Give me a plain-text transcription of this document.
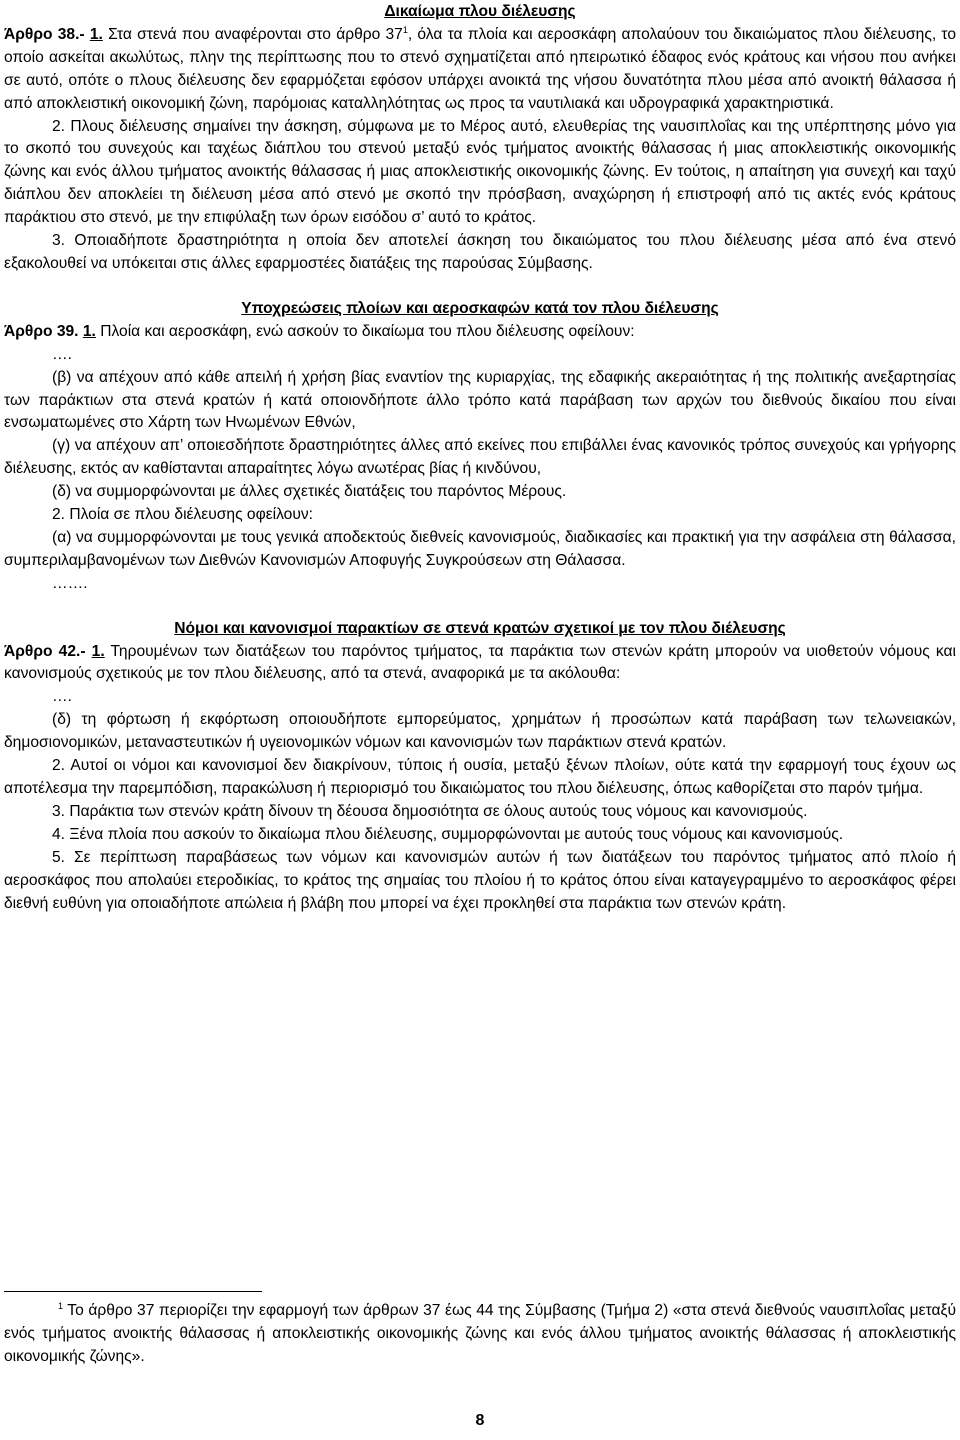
Δικαίωμα πλου διέλευσης

Άρθρο 38.- 1. Στα στενά που αναφέρονται στο άρθρο $37^1$, όλα τα πλοία και αεροσκάφη απολαύουν του δικαιώματος πλου διέλευσης, το οποίο ασκείται ακωλύτως, πλην της περίπτωσης που το στενό σχηματίζεται από ηπειρωτικό έδαφος ενός κράτους και νήσου που ανήκει σε αυτό, οπότε ο πλους διέλευσης δεν εφαρμόζεται εφόσον υπάρχει ανοικτά της νήσου δυνατότητα πλου μέσα από ανοικτή θάλασσα ή από αποκλειστική οικονομική ζώνη, παρόμοιας καταλληλότητας ως προς τα ναυτιλιακά και υδρογραφικά χαρακτηριστικά.

2. Πλους διέλευσης σημαίνει την άσκηση, σύμφωνα με το Μέρος αυτό, ελευθερίας της ναυσιπλοΐας και της υπέρπτησης μόνο για το σκοπό του συνεχούς και ταχέως διάπλου του στενού μεταξύ ενός τμήματος ανοικτής θάλασσας ή μιας αποκλειστικής οικονομικής ζώνης και ενός άλλου τμήματος ανοικτής θάλασσας ή μιας αποκλειστικής οικονομικής ζώνης. Εν τούτοις, η απαίτηση για συνεχή και ταχύ διάπλου δεν αποκλείει τη διέλευση μέσα από στενό με σκοπό την πρόσβαση, αναχώρηση ή επιστροφή από τις ακτές ενός κράτους παράκτιου στο στενό, με την επιφύλαξη των όρων εισόδου σ’ αυτό το κράτος.

3. Οποιαδήποτε δραστηριότητα η οποία δεν αποτελεί άσκηση του δικαιώματος του πλου διέλευσης μέσα από ένα στενό εξακολουθεί να υπόκειται στις άλλες εφαρμοστέες διατάξεις της παρούσας Σύμβασης.

Υποχρεώσεις πλοίων και αεροσκαφών κατά τον πλου διέλευσης

Άρθρο 39. 1. Πλοία και αεροσκάφη, ενώ ασκούν το δικαίωμα του πλου διέλευσης οφείλουν:

….

(β) να απέχουν από κάθε απειλή ή χρήση βίας εναντίον της κυριαρχίας, της εδαφικής ακεραιότητας ή της πολιτικής ανεξαρτησίας των παράκτιων στα στενά κρατών ή κατά οποιονδήποτε άλλο τρόπο κατά παράβαση των αρχών του διεθνούς δικαίου που είναι ενσωματωμένες στο Χάρτη των Ηνωμένων Εθνών,

(γ) να απέχουν απ’ οποιεσδήποτε δραστηριότητες άλλες από εκείνες που επιβάλλει ένας κανονικός τρόπος συνεχούς και γρήγορης διέλευσης, εκτός αν καθίστανται απαραίτητες λόγω ανωτέρας βίας ή κινδύνου,

(δ) να συμμορφώνονται με άλλες σχετικές διατάξεις του παρόντος Μέρους.

2. Πλοία σε πλου διέλευσης οφείλουν:

(α) να συμμορφώνονται με τους γενικά αποδεκτούς διεθνείς κανονισμούς, διαδικασίες και πρακτική για την ασφάλεια στη θάλασσα, συμπεριλαμβανομένων των Διεθνών Κανονισμών Αποφυγής Συγκρούσεων στη Θάλασσα.

…….

Νόμοι και κανονισμοί παρακτίων σε στενά κρατών σχετικοί με τον πλου διέλευσης

Άρθρο 42.- 1. Τηρουμένων των διατάξεων του παρόντος τμήματος, τα παράκτια των στενών κράτη μπορούν να υιοθετούν νόμους και κανονισμούς σχετικούς με τον πλου διέλευσης, από τα στενά, αναφορικά με τα ακόλουθα:

….

(δ) τη φόρτωση ή εκφόρτωση οποιουδήποτε εμπορεύματος, χρημάτων ή προσώπων κατά παράβαση των τελωνειακών, δημοσιονομικών, μεταναστευτικών ή υγειονομικών νόμων και κανονισμών των παράκτιων στενά κρατών.

2. Αυτοί οι νόμοι και κανονισμοί δεν διακρίνουν, τύποις ή ουσία, μεταξύ ξένων πλοίων, ούτε κατά την εφαρμογή τους έχουν ως αποτέλεσμα την παρεμπόδιση, παρακώλυση ή περιορισμό του δικαιώματος του πλου διέλευσης, όπως καθορίζεται στο παρόν τμήμα.

3. Παράκτια των στενών κράτη δίνουν τη δέουσα δημοσιότητα σε όλους αυτούς τους νόμους και κανονισμούς.

4. Ξένα πλοία που ασκούν το δικαίωμα πλου διέλευσης, συμμορφώνονται με αυτούς τους νόμους και κανονισμούς.

5. Σε περίπτωση παραβάσεως των νόμων και κανονισμών αυτών ή των διατάξεων του παρόντος τμήματος από πλοίο ή αεροσκάφος που απολαύει ετεροδικίας, το κράτος της σημαίας του πλοίου ή το κράτος όπου είναι καταγεγραμμένο το αεροσκάφος φέρει διεθνή ευθύνη για οποιαδήποτε απώλεια ή βλάβη που μπορεί να έχει προκληθεί στα παράκτια των στενών κράτη.

$^1$ Το άρθρο 37 περιορίζει την εφαρμογή των άρθρων 37 έως 44 της Σύμβασης (Τμήμα 2) «στα στενά διεθνούς ναυσιπλοΐας μεταξύ ενός τμήματος ανοικτής θάλασσας ή αποκλειστικής οικονομικής ζώνης και ενός άλλου τμήματος ανοικτής θάλασσας ή αποκλειστικής οικονομικής ζώνης».
8
